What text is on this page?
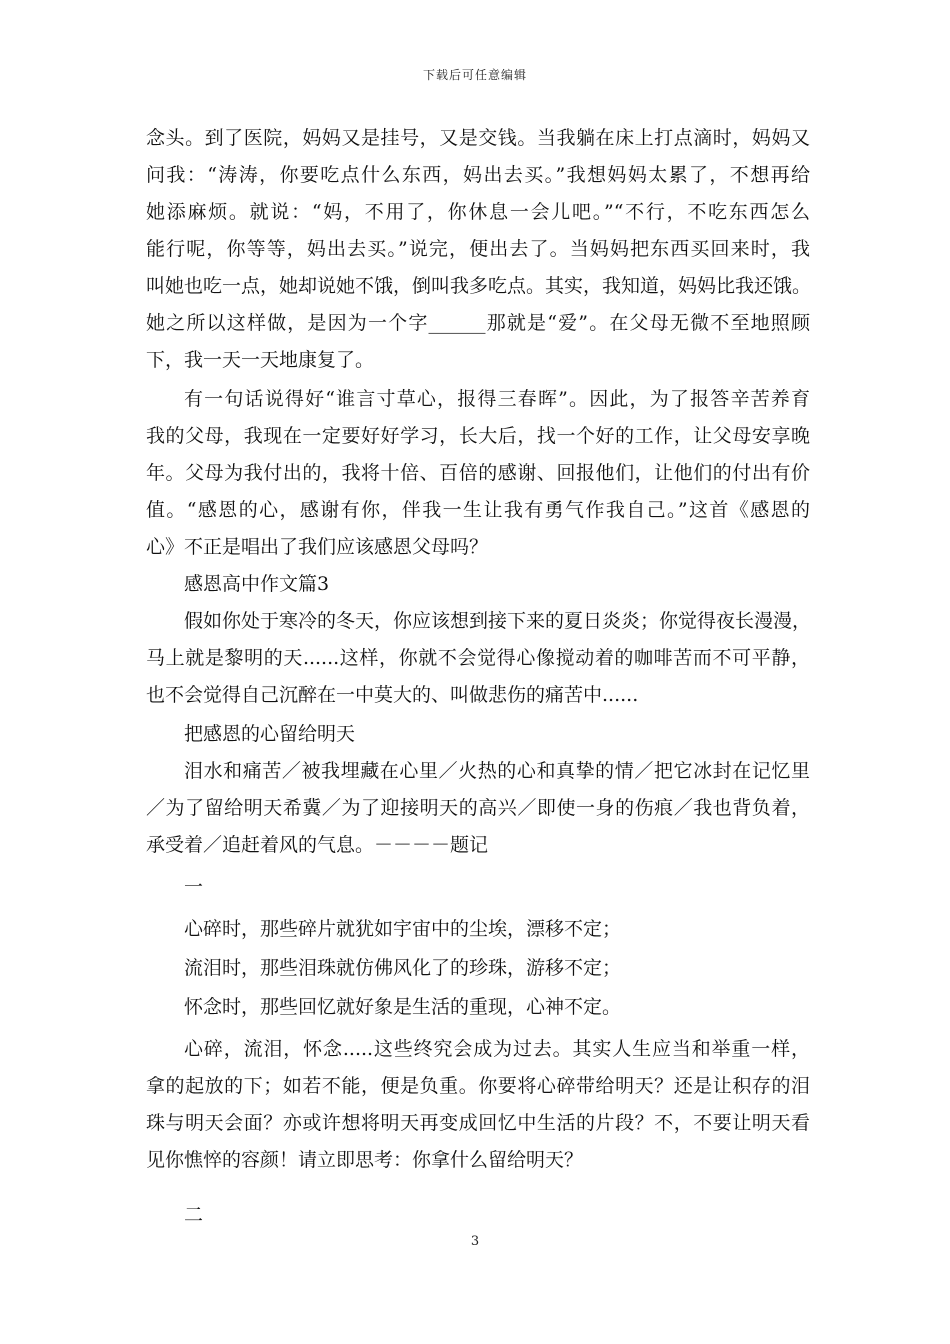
下载后可任意编辑
念头。到了医院，妈妈又是挂号，又是交钱。当我躺在床上打点滴时，妈妈又
问我：“涛涛，你要吃点什么东西，妈出去买。”我想妈妈太累了，不想再给
她添麻烦。就说：“妈，不用了，你休息一会儿吧。”“不行，不吃东西怎么
能行呢，你等等，妈出去买。”说完，便出去了。当妈妈把东西买回来时，我
叫她也吃一点，她却说她不饿，倒叫我多吃点。其实，我知道，妈妈比我还饿。
她之所以这样做，是因为一个字______那就是“爱”。在父母无微不至地照顾
下，我一天一天地康复了。
有一句话说得好“谁言寸草心，报得三春晖”。因此，为了报答辛苦养育
我的父母，我现在一定要好好学习，长大后，找一个好的工作，让父母安享晚
年。父母为我付出的，我将十倍、百倍的感谢、回报他们，让他们的付出有价
值。“感恩的心，感谢有你，伴我一生让我有勇气作我自己。”这首《感恩的
心》不正是唱出了我们应该感恩父母吗？
感恩高中作文篇3
假如你处于寒冷的冬天，你应该想到接下来的夏日炎炎；你觉得夜长漫漫，
马上就是黎明的天......这样，你就不会觉得心像搅动着的咖啡苦而不可平静，
也不会觉得自己沉醉在一中莫大的、叫做悲伤的痛苦中......
把感恩的心留给明天
泪水和痛苦／被我埋藏在心里／火热的心和真挚的情／把它冰封在记忆里
／为了留给明天希冀／为了迎接明天的高兴／即使一身的伤痕／我也背负着，
承受着／追赶着风的气息。－－－－题记
一
心碎时，那些碎片就犹如宇宙中的尘埃，漂移不定；
流泪时，那些泪珠就仿佛风化了的珍珠，游移不定；
怀念时，那些回忆就好象是生活的重现，心神不定。
心碎，流泪，怀念.....这些终究会成为过去。其实人生应当和举重一样，
拿的起放的下；如若不能，便是负重。你要将心碎带给明天？还是让积存的泪
珠与明天会面？亦或许想将明天再变成回忆中生活的片段？不，不要让明天看
见你憔悴的容颜！请立即思考：你拿什么留给明天？
二
3
